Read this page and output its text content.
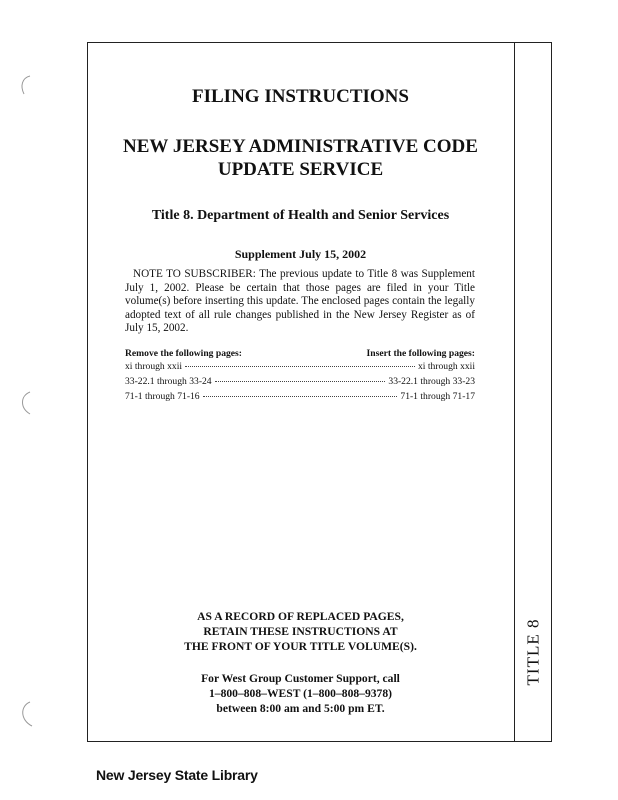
TITLE 8
FILING INSTRUCTIONS
NEW JERSEY ADMINISTRATIVE CODE
UPDATE SERVICE
Title 8. Department of Health and Senior Services
Supplement July 15, 2002
NOTE TO SUBSCRIBER: The previous update to Title 8 was Supplement July 1, 2002. Please be certain that those pages are filed in your Title volume(s) before inserting this update. The enclosed pages contain the legally adopted text of all rule changes published in the New Jersey Register as of July 15, 2002.
Remove the following pages:	Insert the following pages:
xi through xxii	xi through xxii
33-22.1 through 33-24	33-22.1 through 33-23
71-1 through 71-16	71-1 through 71-17
AS A RECORD OF REPLACED PAGES,
RETAIN THESE INSTRUCTIONS AT
THE FRONT OF YOUR TITLE VOLUME(S).
For West Group Customer Support, call
1–800–808–WEST (1–800–808–9378)
between 8:00 am and 5:00 pm ET.
New Jersey State Library
